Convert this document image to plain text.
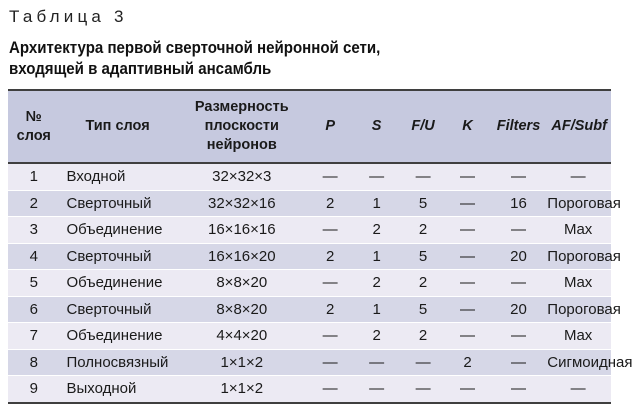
Таблица 3
Архитектура первой сверточной нейронной сети,
входящей в адаптивный ансамбль
№
слоя	Тип слоя	Размерность
плоскости
нейронов	P	S	F/U	K	Filters	AF/Subf
1	Входной	32×32×3	—	—	—	—	—	—
2	Сверточный	32×32×16	2	1	5	—	16	Пороговая
3	Объединение	16×16×16	—	2	2	—	—	Max
4	Сверточный	16×16×20	2	1	5	—	20	Пороговая
5	Объединение	8×8×20	—	2	2	—	—	Max
6	Сверточный	8×8×20	2	1	5	—	20	Пороговая
7	Объединение	4×4×20	—	2	2	—	—	Max
8	Полносвязный	1×1×2	—	—	—	2	—	Сигмоидная
9	Выходной	1×1×2	—	—	—	—	—	—
